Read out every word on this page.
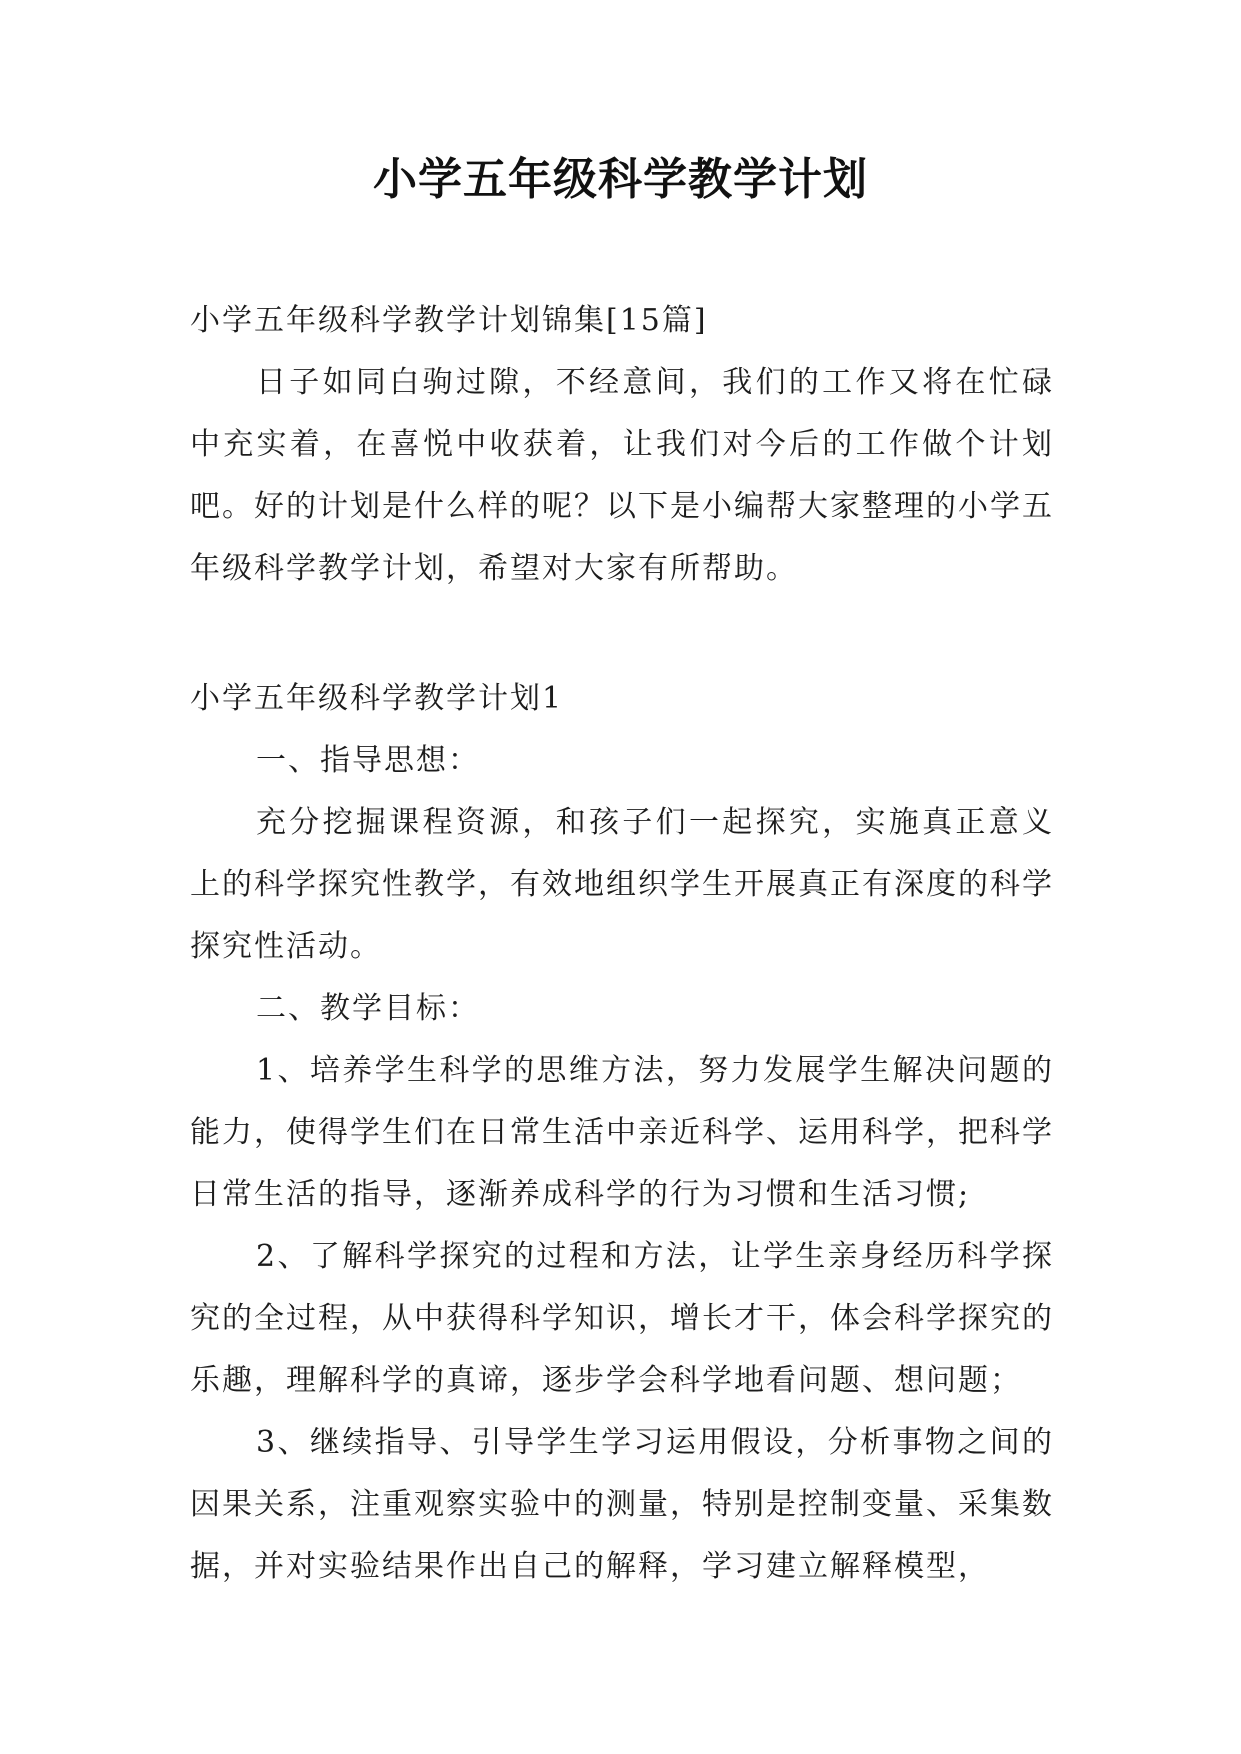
小学五年级科学教学计划

小学五年级科学教学计划锦集[15篇]

日子如同白驹过隙，不经意间，我们的工作又将在忙碌中充实着，在喜悦中收获着，让我们对今后的工作做个计划吧。好的计划是什么样的呢？以下是小编帮大家整理的小学五年级科学教学计划，希望对大家有所帮助。

小学五年级科学教学计划1

一、指导思想：

充分挖掘课程资源，和孩子们一起探究，实施真正意义上的科学探究性教学，有效地组织学生开展真正有深度的科学探究性活动。

二、教学目标：

1、培养学生科学的思维方法，努力发展学生解决问题的能力，使得学生们在日常生活中亲近科学、运用科学，把科学日常生活的指导，逐渐养成科学的行为习惯和生活习惯;

2、了解科学探究的过程和方法，让学生亲身经历科学探究的全过程，从中获得科学知识，增长才干，体会科学探究的乐趣，理解科学的真谛，逐步学会科学地看问题、想问题；

3、继续指导、引导学生学习运用假设，分析事物之间的因果关系，注重观察实验中的测量，特别是控制变量、采集数据，并对实验结果作出自己的解释，学习建立解释模型，
